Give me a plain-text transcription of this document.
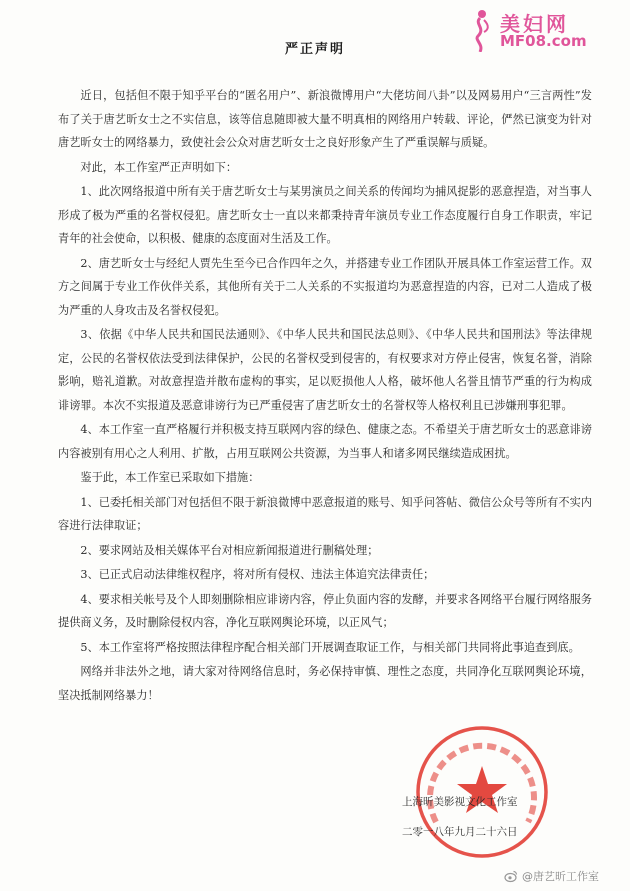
美妇网
MF08.com
严正声明

近日，包括但不限于知乎平台的“匿名用户”、新浪微博用户“大佬坊间八卦”以及网易用户“三言两性”发布了关于唐艺昕女士之不实信息，该等信息随即被大量不明真相的网络用户转载、评论，俨然已演变为针对唐艺昕女士的网络暴力，致使社会公众对唐艺昕女士之良好形象产生了严重误解与质疑。

对此，本工作室严正声明如下：

1、此次网络报道中所有关于唐艺昕女士与某男演员之间关系的传闻均为捕风捉影的恶意捏造，对当事人形成了极为严重的名誉权侵犯。唐艺昕女士一直以来都秉持青年演员专业工作态度履行自身工作职责，牢记青年的社会使命，以积极、健康的态度面对生活及工作。

2、唐艺昕女士与经纪人贾先生至今已合作四年之久，并搭建专业工作团队开展具体工作室运营工作。双方之间属于专业工作伙伴关系，其他所有关于二人关系的不实报道均为恶意捏造的内容，已对二人造成了极为严重的人身攻击及名誉权侵犯。

3、依据《中华人民共和国民法通则》、《中华人民共和国民法总则》、《中华人民共和国刑法》等法律规定，公民的名誉权依法受到法律保护，公民的名誉权受到侵害的，有权要求对方停止侵害，恢复名誉，消除影响，赔礼道歉。对故意捏造并散布虚构的事实，足以贬损他人人格，破坏他人名誉且情节严重的行为构成诽谤罪。本次不实报道及恶意诽谤行为已严重侵害了唐艺昕女士的名誉权等人格权利且已涉嫌刑事犯罪。

4、本工作室一直严格履行并积极支持互联网内容的绿色、健康之态。不希望关于唐艺昕女士的恶意诽谤内容被别有用心之人利用、扩散，占用互联网公共资源，为当事人和诸多网民继续造成困扰。

鉴于此，本工作室已采取如下措施：

1、已委托相关部门对包括但不限于新浪微博中恶意报道的账号、知乎问答帖、微信公众号等所有不实内容进行法律取证；

2、要求网站及相关媒体平台对相应新闻报道进行删稿处理；

3、已正式启动法律维权程序，将对所有侵权、违法主体追究法律责任；

4、要求相关帐号及个人即刻删除相应诽谤内容，停止负面内容的发酵，并要求各网络平台履行网络服务提供商义务，及时删除侵权内容，净化互联网舆论环境，以正风气；

5、本工作室将严格按照法律程序配合相关部门开展调查取证工作，与相关部门共同将此事追查到底。

网络并非法外之地，请大家对待网络信息时，务必保持审慎、理性之态度，共同净化互联网舆论环境，坚决抵制网络暴力！

上海昕美影视文化工作室
二零一八年九月二十六日
@唐艺昕工作室
